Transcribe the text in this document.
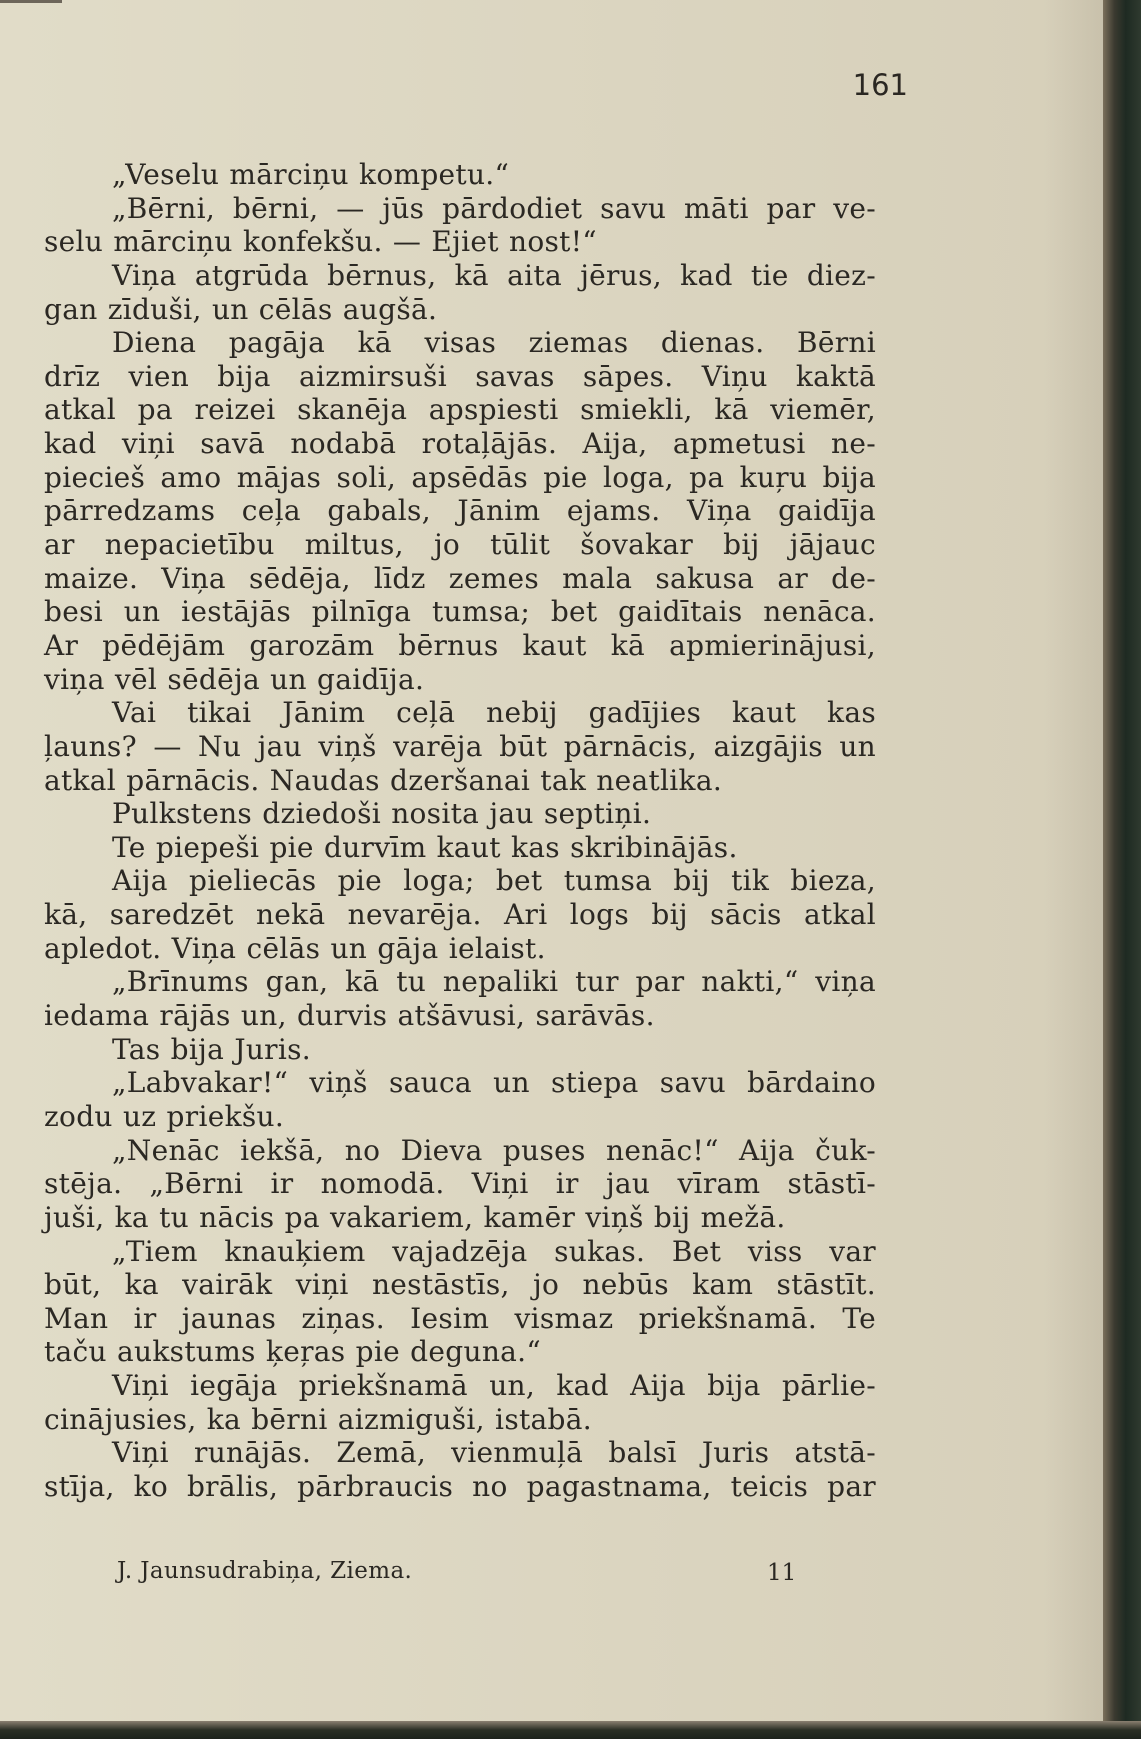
161
„Veselu mārciņu kompetu.“
„Bērni, bērni, — jūs pārdodiet savu māti par ve-
selu mārciņu konfekšu. — Ejiet nost!“
Viņa atgrūda bērnus, kā aita jērus, kad tie diez-
gan zīduši, un cēlās augšā.
Diena pagāja kā visas ziemas dienas. Bērni
drīz vien bija aizmirsuši savas sāpes. Viņu kaktā
atkal pa reizei skanēja apspiesti smiekli, kā viemēr,
kad viņi savā nodabā rotaļājās. Aija, apmetusi ne-
piecieš amo mājas soli, apsēdās pie loga, pa kuŗu bija
pārredzams ceļa gabals, Jānim ejams. Viņa gaidīja
ar nepacietību miltus, jo tūlit šovakar bij jājauc
maize. Viņa sēdēja, līdz zemes mala sakusa ar de-
besi un iestājās pilnīga tumsa; bet gaidītais nenāca.
Ar pēdējām garozām bērnus kaut kā apmierinājusi,
viņa vēl sēdēja un gaidīja.
Vai tikai Jānim ceļā nebij gadījies kaut kas
ļauns? — Nu jau viņš varēja būt pārnācis, aizgājis un
atkal pārnācis. Naudas dzeršanai tak neatlika.
Pulkstens dziedoši nosita jau septiņi.
Te piepeši pie durvīm kaut kas skribinājās.
Aija pieliecās pie loga; bet tumsa bij tik bieza,
kā, saredzēt nekā nevarēja. Ari logs bij sācis atkal
apledot. Viņa cēlās un gāja ielaist.
„Brīnums gan, kā tu nepaliki tur par nakti,“ viņa
iedama rājās un, durvis atšāvusi, sarāvās.
Tas bija Juris.
„Labvakar!“ viņš sauca un stiepa savu bārdaino
zodu uz priekšu.
„Nenāc iekšā, no Dieva puses nenāc!“ Aija čuk-
stēja. „Bērni ir nomodā. Viņi ir jau vīram stāstī-
juši, ka tu nācis pa vakariem, kamēr viņš bij mežā.
„Tiem knauķiem vajadzēja sukas. Bet viss var
būt, ka vairāk viņi nestāstīs, jo nebūs kam stāstīt.
Man ir jaunas ziņas. Iesim vismaz priekšnamā. Te
taču aukstums ķeŗas pie deguna.“
Viņi iegāja priekšnamā un, kad Aija bija pārlie-
cinājusies, ka bērni aizmiguši, istabā.
Viņi runājās. Zemā, vienmuļā balsī Juris atstā-
stīja, ko brālis, pārbraucis no pagastnama, teicis par
J. Jaunsudrabiņa, Ziema.	11
